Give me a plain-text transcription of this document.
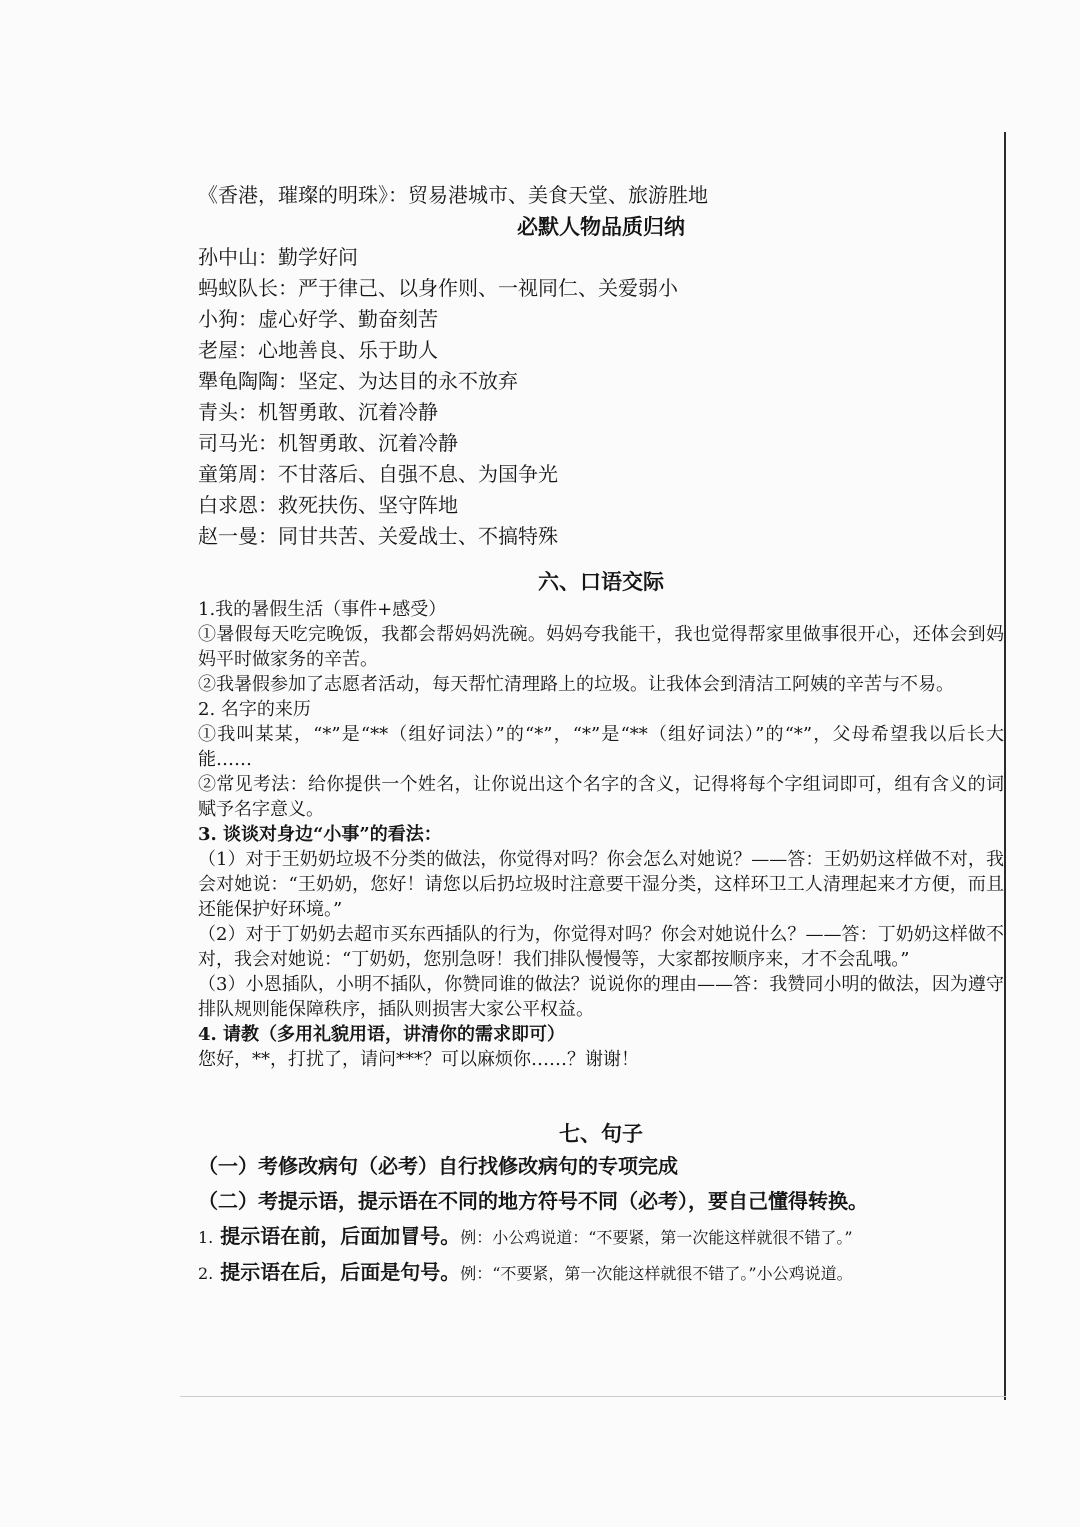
《香港，璀璨的明珠》：贸易港城市、美食天堂、旅游胜地
必默人物品质归纳
孙中山：勤学好问
蚂蚁队长：严于律己、以身作则、一视同仁、关爱弱小
小狗：虚心好学、勤奋刻苦
老屋：心地善良、乐于助人
犟龟陶陶：坚定、为达目的永不放弃
青头：机智勇敢、沉着冷静
司马光：机智勇敢、沉着冷静
童第周：不甘落后、自强不息、为国争光
白求恩：救死扶伤、坚守阵地
赵一曼：同甘共苦、关爱战士、不搞特殊
六、口语交际
1.我的暑假生活（事件+感受）
①暑假每天吃完晚饭，我都会帮妈妈洗碗。妈妈夸我能干，我也觉得帮家里做事很开心，还体会到妈妈平时做家务的辛苦。
②我暑假参加了志愿者活动，每天帮忙清理路上的垃圾。让我体会到清洁工阿姨的辛苦与不易。
2. 名字的来历
①我叫某某，“*”是“**（组好词法）”的“*”，“*”是“**（组好词法）”的“*”，父母希望我以后长大能……
②常见考法：给你提供一个姓名，让你说出这个名字的含义，记得将每个字组词即可，组有含义的词赋予名字意义。
3. 谈谈对身边“小事”的看法：
（1）对于王奶奶垃圾不分类的做法，你觉得对吗？你会怎么对她说？——答：王奶奶这样做不对，我会对她说：“王奶奶，您好！请您以后扔垃圾时注意要干湿分类，这样环卫工人清理起来才方便，而且还能保护好环境。”
（2）对于丁奶奶去超市买东西插队的行为，你觉得对吗？你会对她说什么？——答：丁奶奶这样做不对，我会对她说：“丁奶奶，您别急呀！我们排队慢慢等，大家都按顺序来，才不会乱哦。”
（3）小恩插队，小明不插队，你赞同谁的做法？说说你的理由——答：我赞同小明的做法，因为遵守排队规则能保障秩序，插队则损害大家公平权益。
4. 请教（多用礼貌用语，讲清你的需求即可）
您好，**，打扰了，请问***？可以麻烦你……？谢谢！
七、句子
（一）考修改病句（必考）自行找修改病句的专项完成
（二）考提示语，提示语在不同的地方符号不同（必考），要自己懂得转换。
1. 提示语在前，后面加冒号。例：小公鸡说道：“不要紧，第一次能这样就很不错了。”
2. 提示语在后，后面是句号。例：“不要紧，第一次能这样就很不错了。”小公鸡说道。
